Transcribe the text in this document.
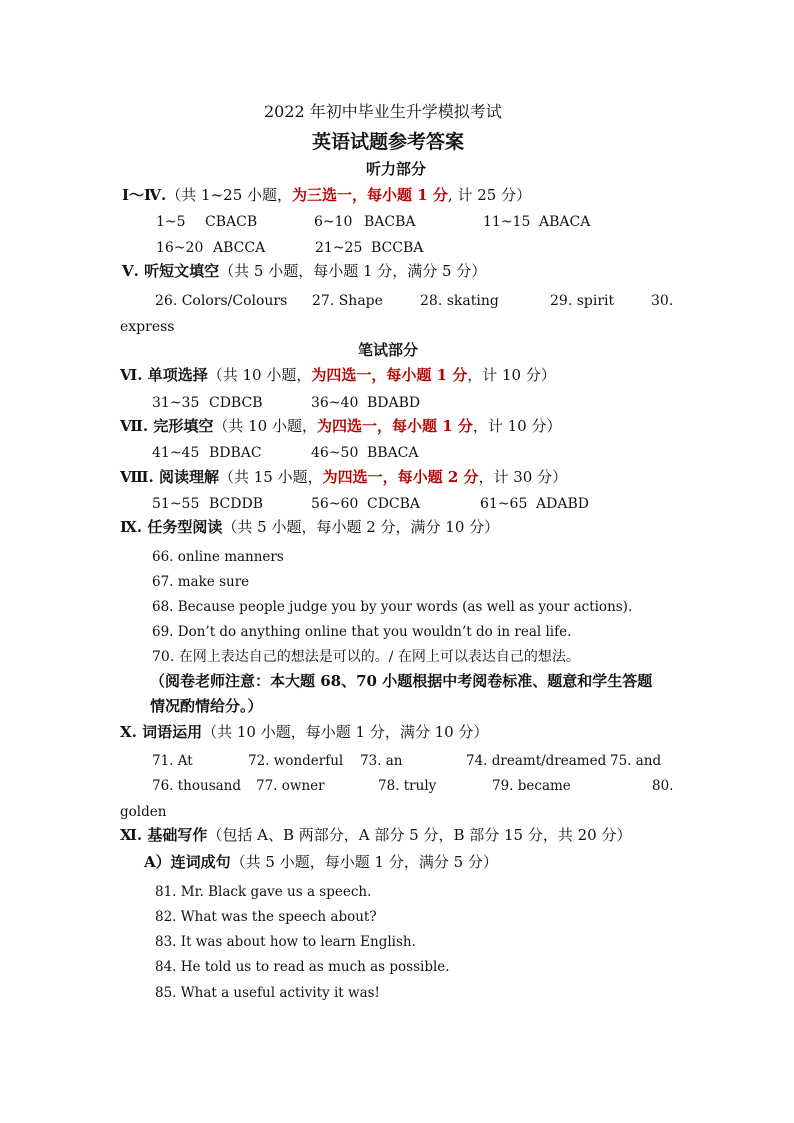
2022 年初中毕业生升学模拟考试
英语试题参考答案
听力部分
Ⅰ～Ⅳ.（共 1~25 小题，为三选一，每小题 1 分, 计 25 分）
1~5 CBACB	6~10 BACBA	11~15 ABACA
16~20 ABCCA	21~25 BCCBA
Ⅴ. 听短文填空（共 5 小题，每小题 1 分，满分 5 分）
26. Colors/Colours 27. Shape	28. skating	29. spirit	30.
express
笔试部分
Ⅵ. 单项选择（共 10 小题，为四选一，每小题 1 分，计 10 分）
31~35 CDBCB	36~40 BDABD
Ⅶ. 完形填空（共 10 小题，为四选一，每小题 1 分，计 10 分）
41~45 BDBAC	46~50 BBACA
Ⅷ. 阅读理解（共 15 小题，为四选一，每小题 2 分，计 30 分）
51~55 BCDDB	56~60 CDCBA	61~65 ADABD
Ⅸ. 任务型阅读（共 5 小题，每小题 2 分，满分 10 分）
66. online manners
67. make sure
68. Because people judge you by your words (as well as your actions).
69. Don’t do anything online that you wouldn’t do in real life.
70. 在网上表达自己的想法是可以的。/ 在网上可以表达自己的想法。
（阅卷老师注意：本大题 68、70 小题根据中考阅卷标准、题意和学生答题
情况酌情给分。）
Ⅹ. 词语运用（共 10 小题，每小题 1 分，满分 10 分）
71. At	72. wonderful 73. an	74. dreamt/dreamed 75. and
76. thousand 77. owner	78. truly	79. became	80.
golden
Ⅺ. 基础写作（包括 A、B 两部分，A 部分 5 分，B 部分 15 分，共 20 分）
A）连词成句（共 5 小题，每小题 1 分，满分 5 分）
81. Mr. Black gave us a speech.
82. What was the speech about?
83. It was about how to learn English.
84. He told us to read as much as possible.
85. What a useful activity it was!
